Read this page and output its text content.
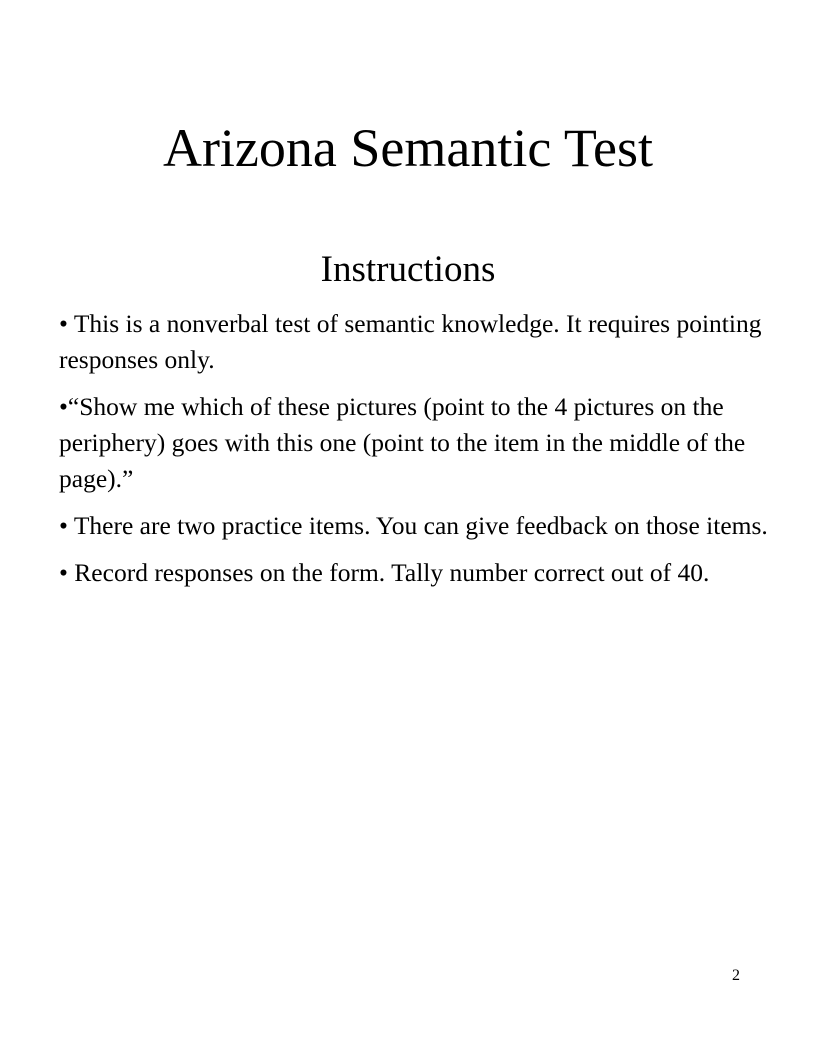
Arizona Semantic Test
Instructions
• This is a nonverbal test of semantic knowledge. It requires pointing responses only.
•“Show me which of these pictures (point to the 4 pictures on the periphery) goes with this one (point to the item in the middle of the page).”
• There are two practice items. You can give feedback on those items.
• Record responses on the form. Tally number correct out of 40.
2
